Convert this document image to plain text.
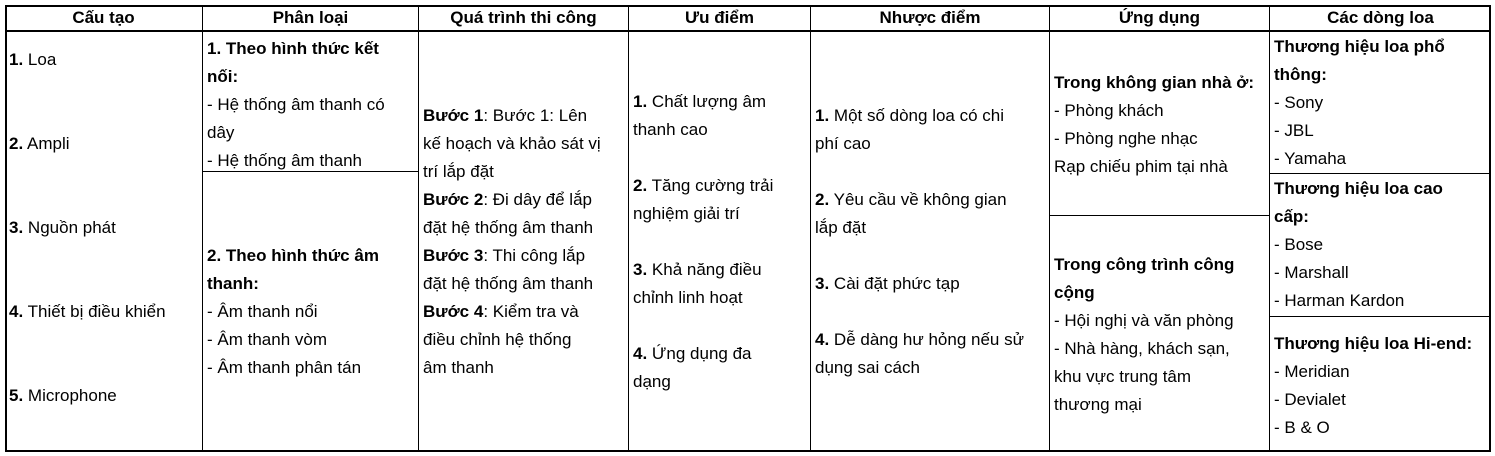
Cấu tạo
1. Loa
2. Ampli
3. Nguồn phát
4. Thiết bị điều khiển
5. Microphone
Phân loại
1. Theo hình thức kết
nối:
- Hệ thống âm thanh có
dây
- Hệ thống âm thanh
2. Theo hình thức âm
thanh:
- Âm thanh nổi
- Âm thanh vòm
- Âm thanh phân tán
Quá trình thi công
Bước 1: Bước 1: Lên
kế hoạch và khảo sát vị
trí lắp đặt
Bước 2: Đi dây để lắp
đặt hệ thống âm thanh
Bước 3: Thi công lắp
đặt hệ thống âm thanh
Bước 4: Kiểm tra và
điều chỉnh hệ thống
âm thanh
Ưu điểm
1. Chất lượng âm
thanh cao
2. Tăng cường trải
nghiệm giải trí
3. Khả năng điều
chỉnh linh hoạt
4. Ứng dụng đa
dạng
Nhược điểm
1. Một số dòng loa có chi
phí cao
2. Yêu cầu về không gian
lắp đặt
3. Cài đặt phức tạp
4. Dễ dàng hư hỏng nếu sử
dụng sai cách
Ứng dụng
Trong không gian nhà ở:
- Phòng khách
- Phòng nghe nhạc
Rạp chiếu phim tại nhà
Trong công trình công
cộng
- Hội nghị và văn phòng
- Nhà hàng, khách sạn,
khu vực trung tâm
thương mại
Các dòng loa
Thương hiệu loa phổ
thông:
- Sony
- JBL
- Yamaha
Thương hiệu loa cao
cấp:
- Bose
- Marshall
- Harman Kardon
Thương hiệu loa Hi-end:
- Meridian
- Devialet
- B & O
